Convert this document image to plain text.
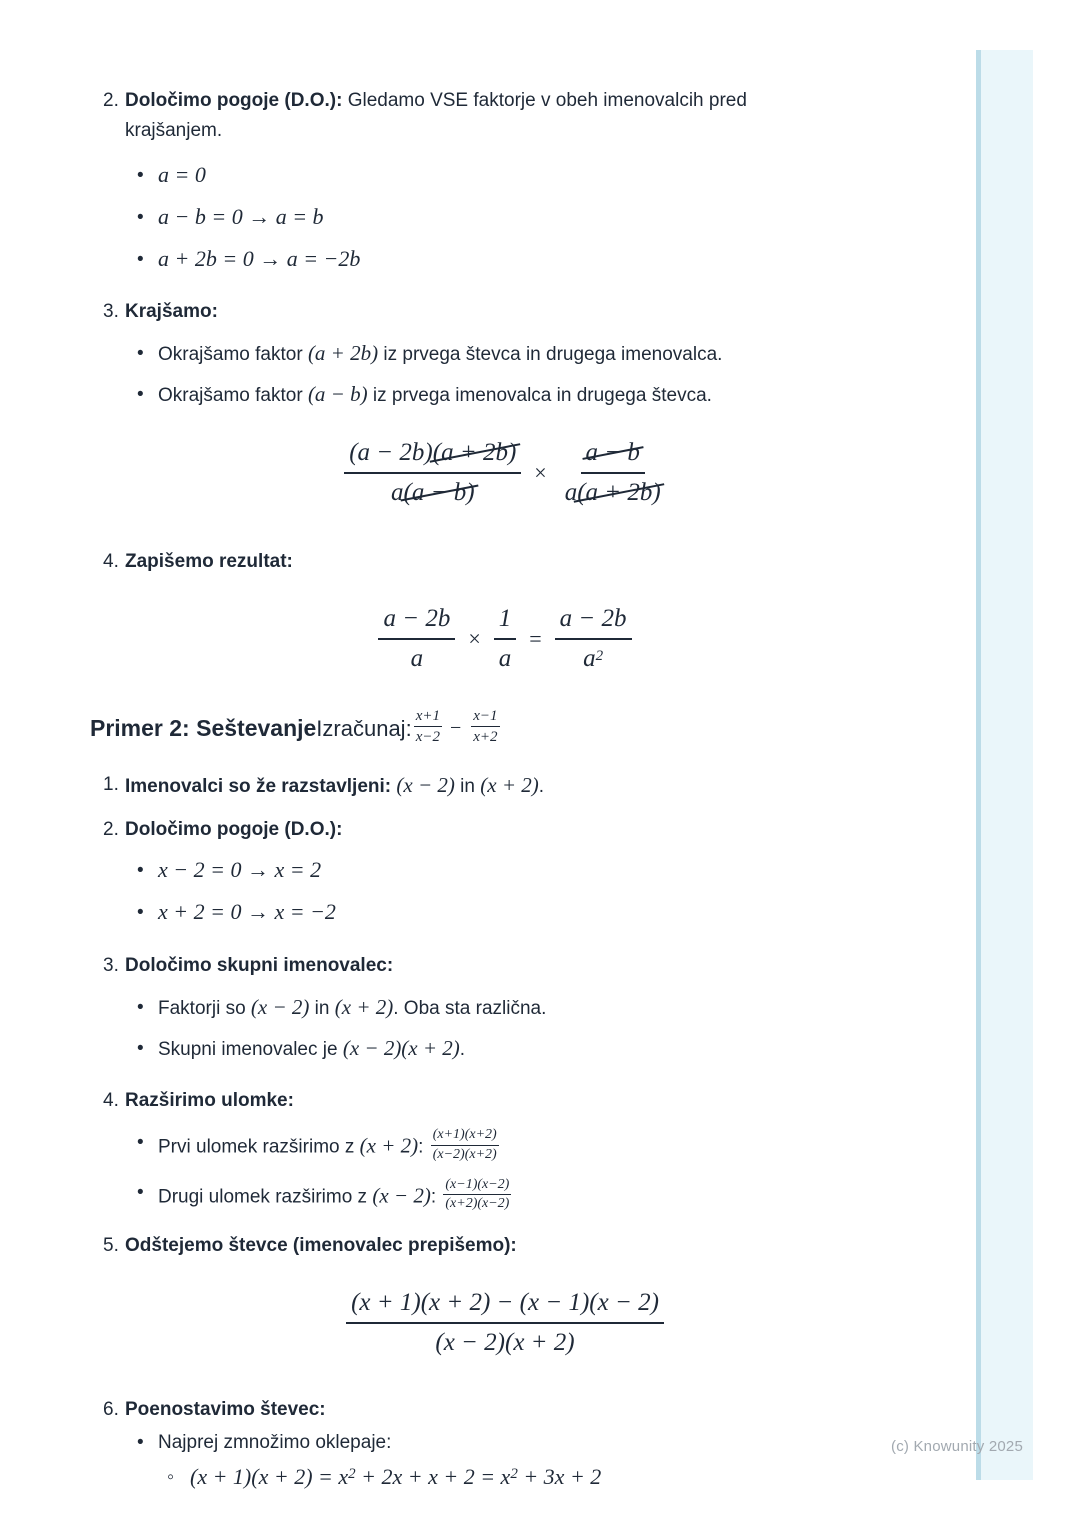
(c) Knowunity 2025
2. Določimo pogoje (D.O.): Gledamo VSE faktorje v obeh imenovalcih pred krajšanjem.

• a = 0
• a − b = 0 → a = b
• a + 2b = 0 → a = −2b
3. Krajšamo:

• Okrajšamo faktor (a + 2b) iz prvega števca in drugega imenovalca.
• Okrajšamo faktor (a − b) iz prvega imenovalca in drugega števca.
$\frac{(a - 2b)(a + 2b)}{a(a - b)} \times \frac{a - b}{a(a + 2b)}$
4. Zapišemo rezultat:

$\frac{a - 2b}{a} \times \frac{1}{a} = \frac{a - 2b}{a^2}$
Primer 2: Seštevanje Izračunaj: $\frac{x+1}{x-2} - \frac{x-1}{x+2}$
1. Imenovalci so že razstavljeni: (x − 2) in (x + 2).

2. Določimo pogoje (D.O.):

• x − 2 = 0 → x = 2
• x + 2 = 0 → x = −2
3. Določimo skupni imenovalec:

• Faktorji so (x − 2) in (x + 2). Oba sta različna.
• Skupni imenovalec je (x − 2)(x + 2).
4. Razširimo ulomke:

• Prvi ulomek razširimo z (x + 2): $\frac{(x+1)(x+2)}{(x-2)(x+2)}$
• Drugi ulomek razširimo z (x − 2): $\frac{(x-1)(x-2)}{(x+2)(x-2)}$
5. Odštejemo števce (imenovalec prepišemo):

$\frac{(x + 1)(x + 2) - (x - 1)(x - 2)}{(x - 2)(x + 2)}$
6. Poenostavimo števec:

• Najprej zmnožimo oklepaje:
◦ $(x + 1)(x + 2) = x^2 + 2x + x + 2 = x^2 + 3x + 2$
